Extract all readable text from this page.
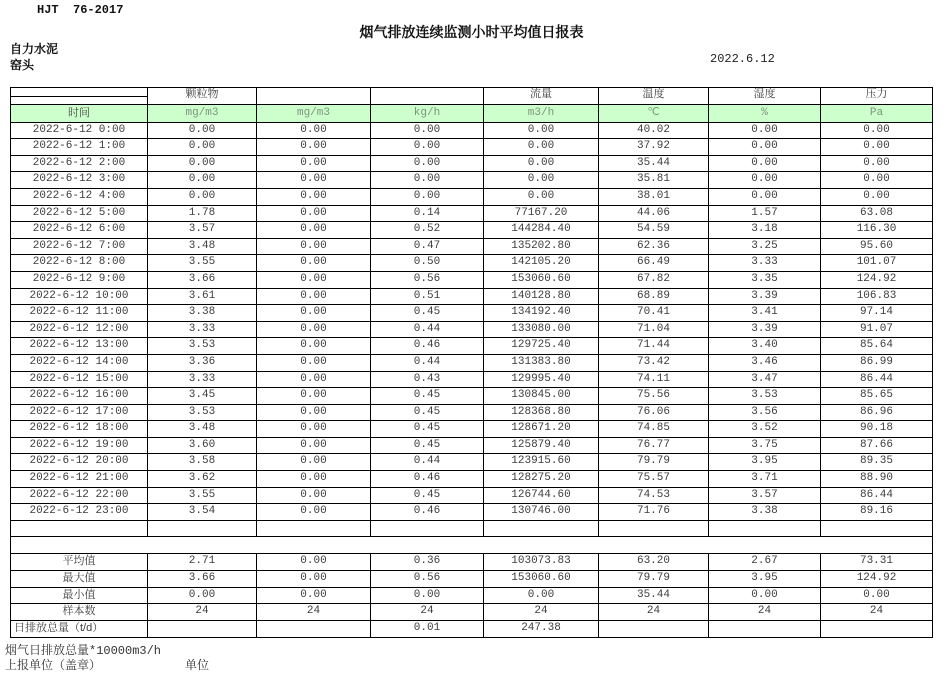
HJT  76-2017
烟气排放连续监测小时平均值日报表
自力水泥
窑头	2022.6.12
	颗粒物			流量	温度	湿度	压力
时间	mg/m3	mg/m3	kg/h	m3/h	℃	%	Pa
2022-6-12 0:00	0.00	0.00	0.00	0.00	40.02	0.00	0.00
2022-6-12 1:00	0.00	0.00	0.00	0.00	37.92	0.00	0.00
2022-6-12 2:00	0.00	0.00	0.00	0.00	35.44	0.00	0.00
2022-6-12 3:00	0.00	0.00	0.00	0.00	35.81	0.00	0.00
2022-6-12 4:00	0.00	0.00	0.00	0.00	38.01	0.00	0.00
2022-6-12 5:00	1.78	0.00	0.14	77167.20	44.06	1.57	63.08
2022-6-12 6:00	3.57	0.00	0.52	144284.40	54.59	3.18	116.30
2022-6-12 7:00	3.48	0.00	0.47	135202.80	62.36	3.25	95.60
2022-6-12 8:00	3.55	0.00	0.50	142105.20	66.49	3.33	101.07
2022-6-12 9:00	3.66	0.00	0.56	153060.60	67.82	3.35	124.92
2022-6-12 10:00	3.61	0.00	0.51	140128.80	68.89	3.39	106.83
2022-6-12 11:00	3.38	0.00	0.45	134192.40	70.41	3.41	97.14
2022-6-12 12:00	3.33	0.00	0.44	133080.00	71.04	3.39	91.07
2022-6-12 13:00	3.53	0.00	0.46	129725.40	71.44	3.40	85.64
2022-6-12 14:00	3.36	0.00	0.44	131383.80	73.42	3.46	86.99
2022-6-12 15:00	3.33	0.00	0.43	129995.40	74.11	3.47	86.44
2022-6-12 16:00	3.45	0.00	0.45	130845.00	75.56	3.53	85.65
2022-6-12 17:00	3.53	0.00	0.45	128368.80	76.06	3.56	86.96
2022-6-12 18:00	3.48	0.00	0.45	128671.20	74.85	3.52	90.18
2022-6-12 19:00	3.60	0.00	0.45	125879.40	76.77	3.75	87.66
2022-6-12 20:00	3.58	0.00	0.44	123915.60	79.79	3.95	89.35
2022-6-12 21:00	3.62	0.00	0.46	128275.20	75.57	3.71	88.90
2022-6-12 22:00	3.55	0.00	0.45	126744.60	74.53	3.57	86.44
2022-6-12 23:00	3.54	0.00	0.46	130746.00	71.76	3.38	89.16

平均值	2.71	0.00	0.36	103073.83	63.20	2.67	73.31
最大值	3.66	0.00	0.56	153060.60	79.79	3.95	124.92
最小值	0.00	0.00	0.00	0.00	35.44	0.00	0.00
样本数	24	24	24	24	24	24	24
日排放总量（t/d）			0.01	247.38			
烟气日排放总量*10000m3/h
上报单位（盖章）	单位
